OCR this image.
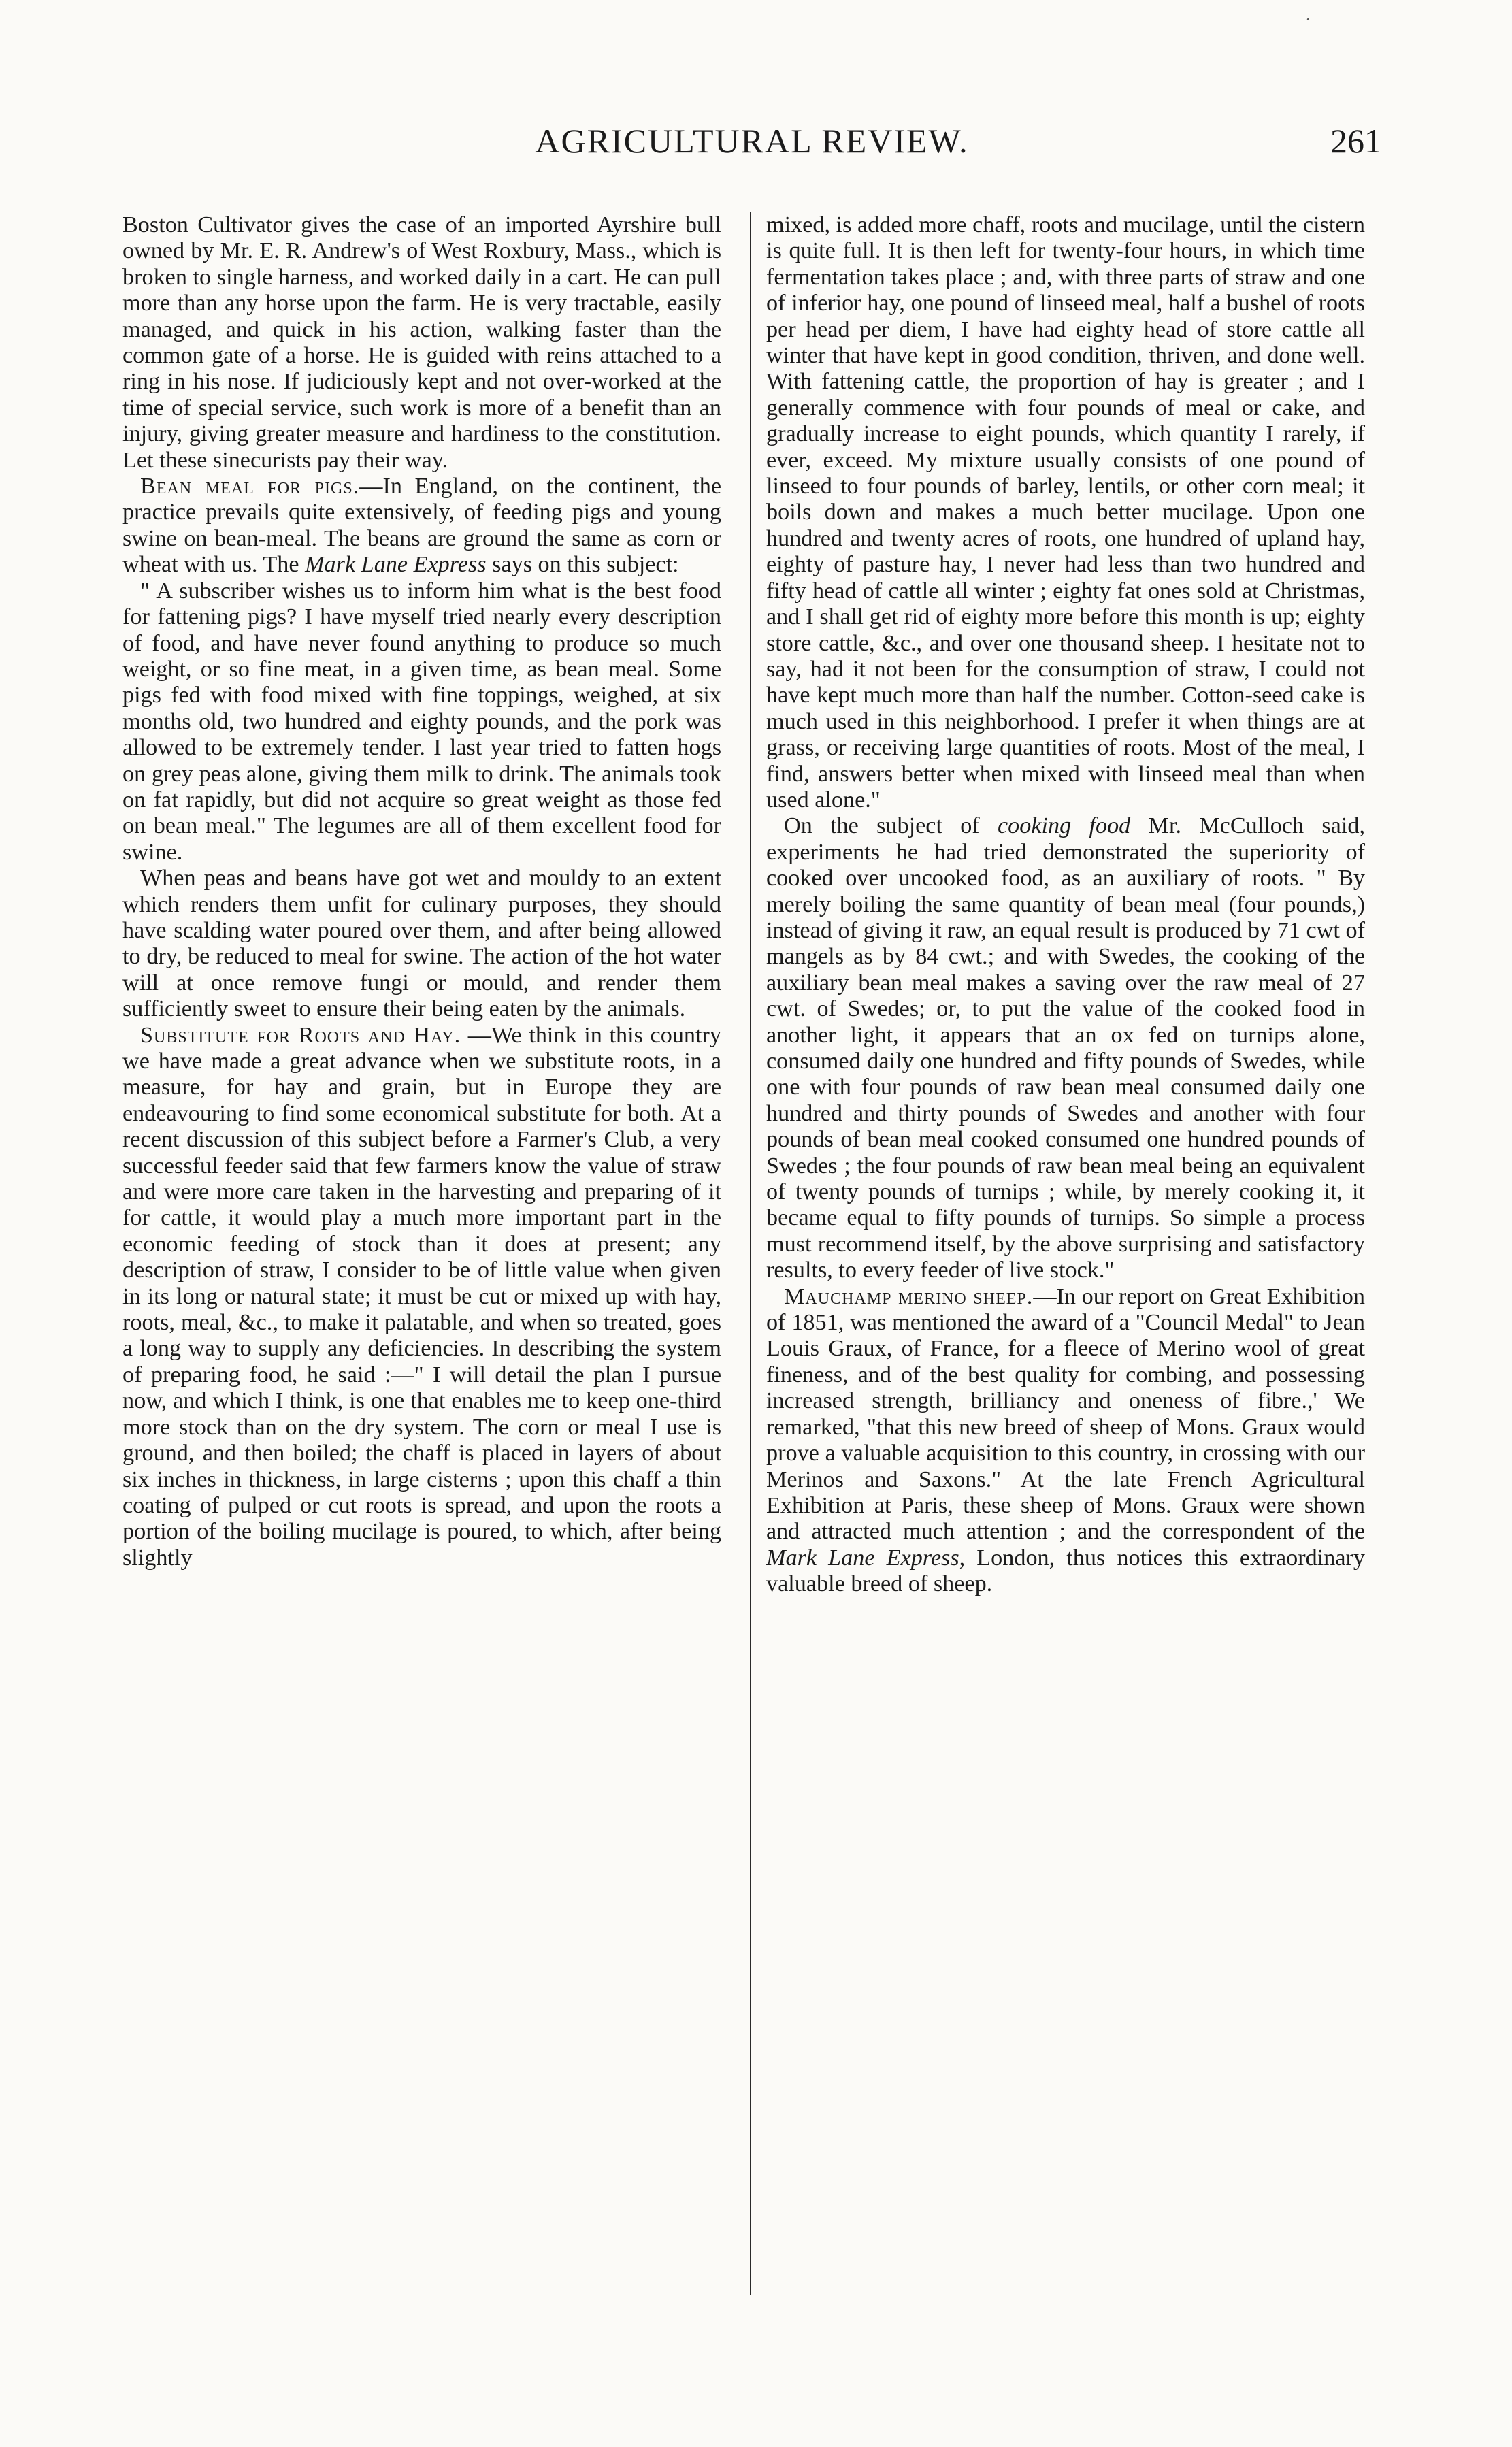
·
AGRICULTURAL REVIEW.	261

Boston Cultivator gives the case of an imported Ayrshire bull owned by Mr. E. R. Andrew's of West Roxbury, Mass., which is broken to single harness, and worked daily in a cart. He can pull more than any horse upon the farm. He is very tractable, easily managed, and quick in his action, walking faster than the common gate of a horse. He is guided with reins attached to a ring in his nose. If judiciously kept and not over-worked at the time of special service, such work is more of a benefit than an injury, giving greater measure and hardiness to the constitution. Let these sinecurists pay their way.

Bean meal for pigs.—In England, on the continent, the practice prevails quite extensively, of feeding pigs and young swine on bean-meal. The beans are ground the same as corn or wheat with us. The Mark Lane Express says on this subject:

" A subscriber wishes us to inform him what is the best food for fattening pigs? I have myself tried nearly every description of food, and have never found anything to produce so much weight, or so fine meat, in a given time, as bean meal. Some pigs fed with food mixed with fine toppings, weighed, at six months old, two hundred and eighty pounds, and the pork was allowed to be extremely tender. I last year tried to fatten hogs on grey peas alone, giving them milk to drink. The animals took on fat rapidly, but did not acquire so great weight as those fed on bean meal." The legumes are all of them excellent food for swine.

When peas and beans have got wet and mouldy to an extent which renders them unfit for culinary purposes, they should have scalding water poured over them, and after being allowed to dry, be reduced to meal for swine. The action of the hot water will at once remove fungi or mould, and render them sufficiently sweet to ensure their being eaten by the animals.

Substitute for Roots and Hay. —We think in this country we have made a great advance when we substitute roots, in a measure, for hay and grain, but in Europe they are endeavouring to find some economical substitute for both. At a recent discussion of this subject before a Farmer's Club, a very successful feeder said that few farmers know the value of straw and were more care taken in the harvesting and preparing of it for cattle, it would play a much more important part in the economic feeding of stock than it does at present; any description of straw, I consider to be of little value when given in its long or natural state; it must be cut or mixed up with hay, roots, meal, &c., to make it palatable, and when so treated, goes a long way to supply any deficiencies. In describing the system of preparing food, he said :—" I will detail the plan I pursue now, and which I think, is one that enables me to keep one-third more stock than on the dry system. The corn or meal I use is ground, and then boiled; the chaff is placed in layers of about six inches in thickness, in large cisterns ; upon this chaff a thin coating of pulped or cut roots is spread, and upon the roots a portion of the boiling mucilage is poured, to which, after being slightly

mixed, is added more chaff, roots and mucilage, until the cistern is quite full. It is then left for twenty-four hours, in which time fermentation takes place ; and, with three parts of straw and one of inferior hay, one pound of linseed meal, half a bushel of roots per head per diem, I have had eighty head of store cattle all winter that have kept in good condition, thriven, and done well. With fattening cattle, the proportion of hay is greater ; and I generally commence with four pounds of meal or cake, and gradually increase to eight pounds, which quantity I rarely, if ever, exceed. My mixture usually consists of one pound of linseed to four pounds of barley, lentils, or other corn meal; it boils down and makes a much better mucilage. Upon one hundred and twenty acres of roots, one hundred of upland hay, eighty of pasture hay, I never had less than two hundred and fifty head of cattle all winter ; eighty fat ones sold at Christmas, and I shall get rid of eighty more before this month is up; eighty store cattle, &c., and over one thousand sheep. I hesitate not to say, had it not been for the consumption of straw, I could not have kept much more than half the number. Cotton-seed cake is much used in this neighborhood. I prefer it when things are at grass, or receiving large quantities of roots. Most of the meal, I find, answers better when mixed with linseed meal than when used alone."

On the subject of cooking food Mr. McCulloch said, experiments he had tried demonstrated the superiority of cooked over uncooked food, as an auxiliary of roots. " By merely boiling the same quantity of bean meal (four pounds,) instead of giving it raw, an equal result is produced by 71 cwt of mangels as by 84 cwt.; and with Swedes, the cooking of the auxiliary bean meal makes a saving over the raw meal of 27 cwt. of Swedes; or, to put the value of the cooked food in another light, it appears that an ox fed on turnips alone, consumed daily one hundred and fifty pounds of Swedes, while one with four pounds of raw bean meal consumed daily one hundred and thirty pounds of Swedes and another with four pounds of bean meal cooked consumed one hundred pounds of Swedes ; the four pounds of raw bean meal being an equivalent of twenty pounds of turnips ; while, by merely cooking it, it became equal to fifty pounds of turnips. So simple a process must recommend itself, by the above surprising and satisfactory results, to every feeder of live stock."

Mauchamp merino sheep.—In our report on Great Exhibition of 1851, was mentioned the award of a "Council Medal" to Jean Louis Graux, of France, for a fleece of Merino wool of great fineness, and of the best quality for combing, and possessing increased strength, brilliancy and oneness of fibre.,' We remarked, "that this new breed of sheep of Mons. Graux would prove a valuable acquisition to this country, in crossing with our Merinos and Saxons." At the late French Agricultural Exhibition at Paris, these sheep of Mons. Graux were shown and attracted much attention ; and the correspondent of the Mark Lane Express, London, thus notices this extraordinary valuable breed of sheep.
